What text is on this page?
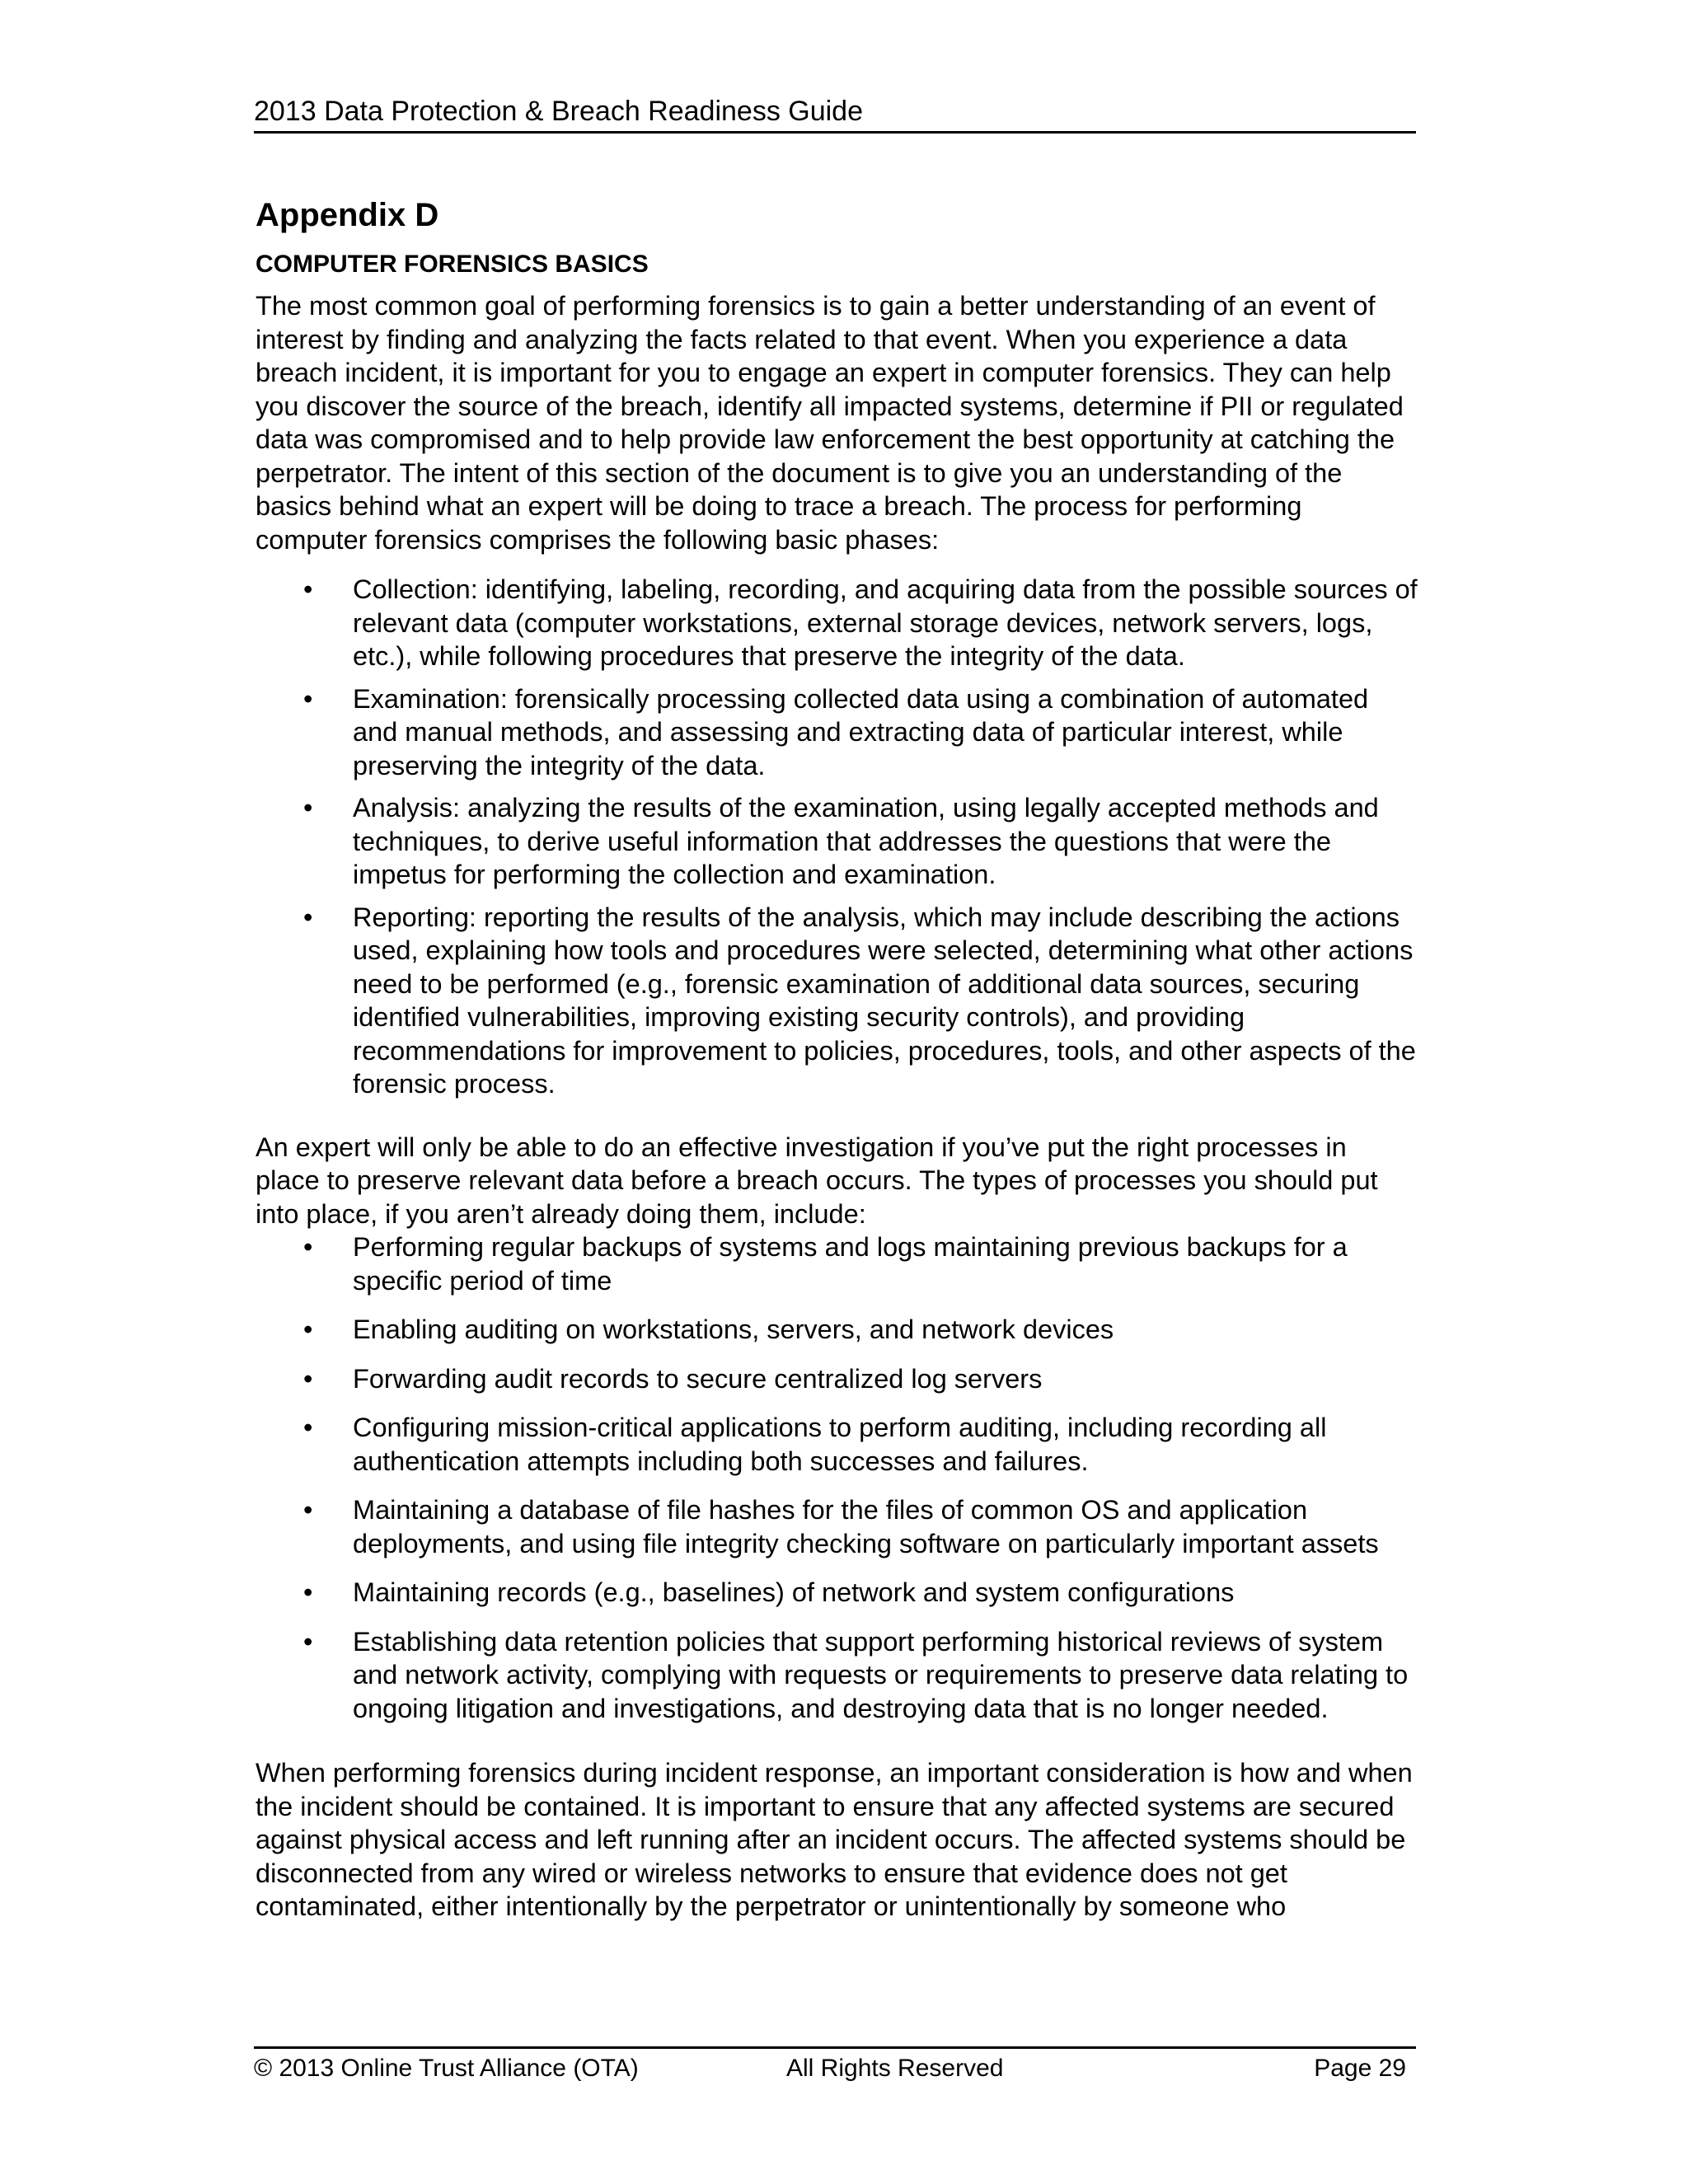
2013 Data Protection & Breach Readiness Guide
Appendix D
COMPUTER FORENSICS BASICS

The most common goal of performing forensics is to gain a better understanding of an event of interest by finding and analyzing the facts related to that event. When you experience a data breach incident, it is important for you to engage an expert in computer forensics. They can help you discover the source of the breach, identify all impacted systems, determine if PII or regulated data was compromised and to help provide law enforcement the best opportunity at catching the perpetrator. The intent of this section of the document is to give you an understanding of the basics behind what an expert will be doing to trace a breach. The process for performing computer forensics comprises the following basic phases:

• Collection: identifying, labeling, recording, and acquiring data from the possible sources of relevant data (computer workstations, external storage devices, network servers, logs, etc.), while following procedures that preserve the integrity of the data.
• Examination: forensically processing collected data using a combination of automated and manual methods, and assessing and extracting data of particular interest, while preserving the integrity of the data.
• Analysis: analyzing the results of the examination, using legally accepted methods and techniques, to derive useful information that addresses the questions that were the impetus for performing the collection and examination.
• Reporting: reporting the results of the analysis, which may include describing the actions used, explaining how tools and procedures were selected, determining what other actions need to be performed (e.g., forensic examination of additional data sources, securing identified vulnerabilities, improving existing security controls), and providing recommendations for improvement to policies, procedures, tools, and other aspects of the forensic process.

An expert will only be able to do an effective investigation if you’ve put the right processes in place to preserve relevant data before a breach occurs. The types of processes you should put into place, if you aren’t already doing them, include:

• Performing regular backups of systems and logs maintaining previous backups for a specific period of time
• Enabling auditing on workstations, servers, and network devices
• Forwarding audit records to secure centralized log servers
• Configuring mission-critical applications to perform auditing, including recording all authentication attempts including both successes and failures.
• Maintaining a database of file hashes for the files of common OS and application deployments, and using file integrity checking software on particularly important assets
• Maintaining records (e.g., baselines) of network and system configurations
• Establishing data retention policies that support performing historical reviews of system and network activity, complying with requests or requirements to preserve data relating to ongoing litigation and investigations, and destroying data that is no longer needed.

When performing forensics during incident response, an important consideration is how and when the incident should be contained. It is important to ensure that any affected systems are secured against physical access and left running after an incident occurs. The affected systems should be disconnected from any wired or wireless networks to ensure that evidence does not get contaminated, either intentionally by the perpetrator or unintentionally by someone who

© 2013 Online Trust Alliance (OTA)	All Rights Reserved	Page 29
